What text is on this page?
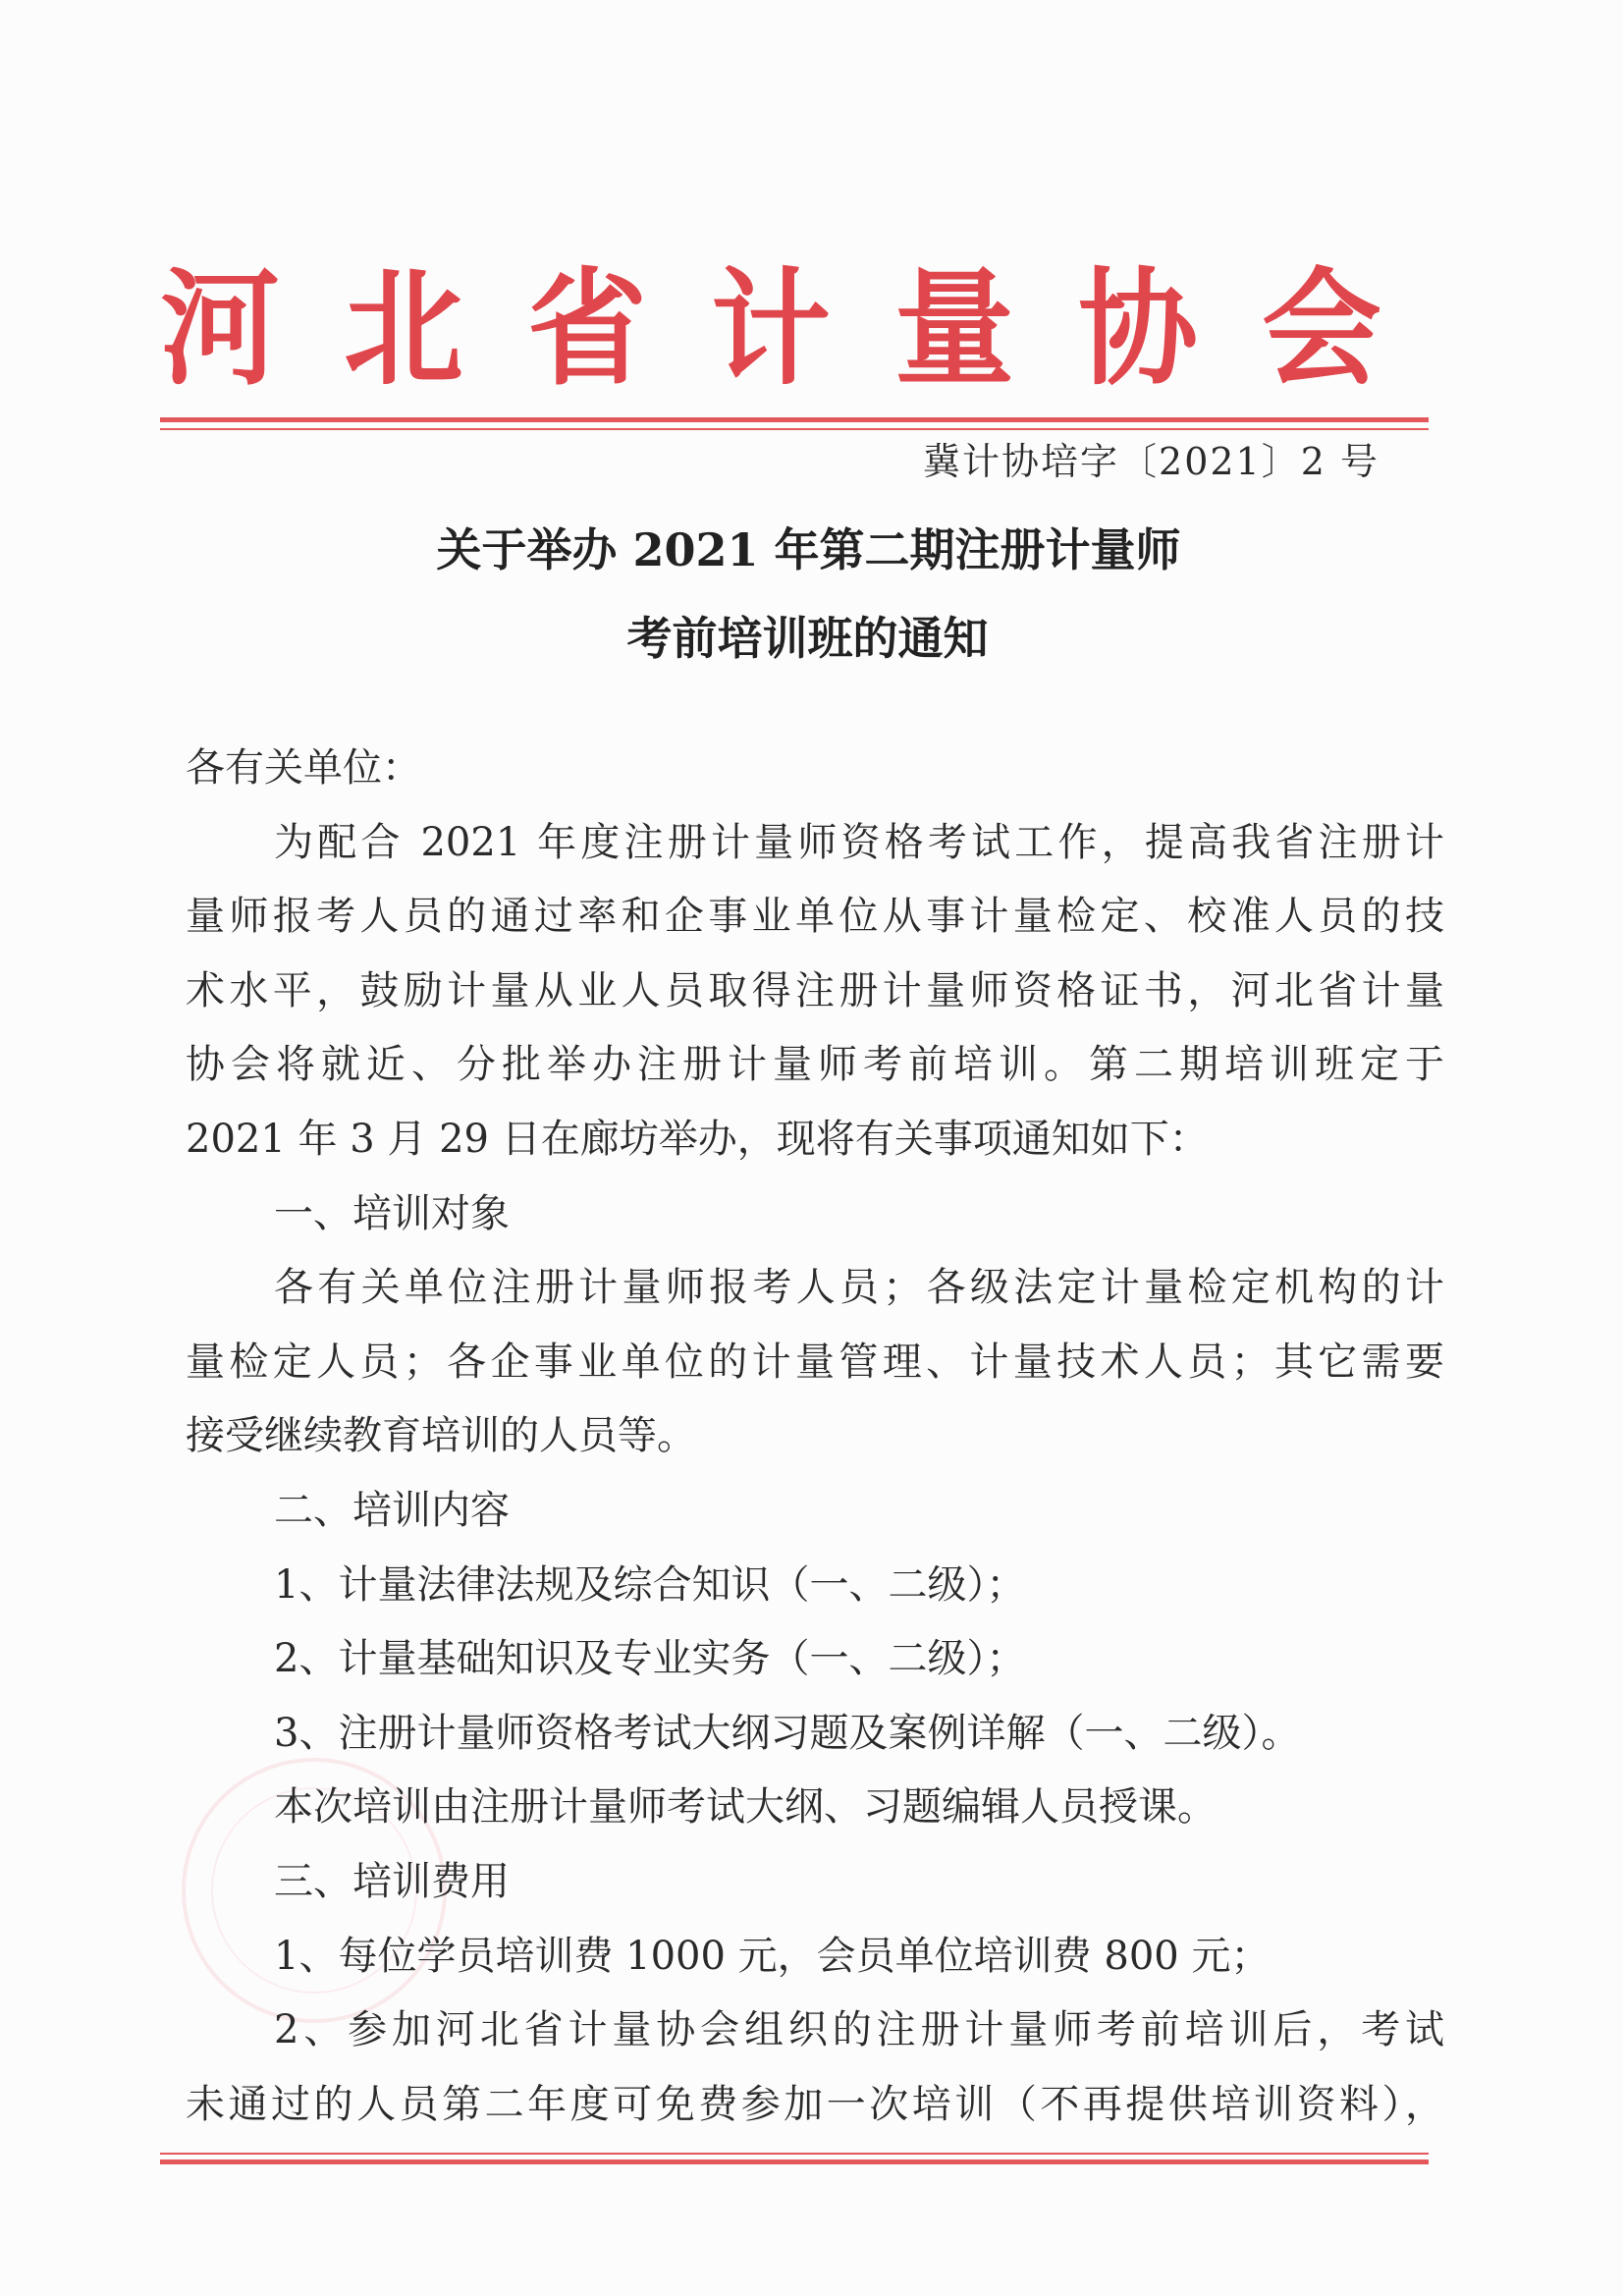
河 北 省 计 量 协 会
冀计协培字〔2021〕2 号
关于举办 2021 年第二期注册计量师
考前培训班的通知
各有关单位：
为配合 2021 年度注册计量师资格考试工作，提高我省注册计
量师报考人员的通过率和企事业单位从事计量检定、校准人员的技
术水平，鼓励计量从业人员取得注册计量师资格证书，河北省计量
协会将就近、分批举办注册计量师考前培训。第二期培训班定于
2021 年 3 月 29 日在廊坊举办，现将有关事项通知如下：
一、培训对象
各有关单位注册计量师报考人员；各级法定计量检定机构的计
量检定人员；各企事业单位的计量管理、计量技术人员；其它需要
接受继续教育培训的人员等。
二、培训内容
1、计量法律法规及综合知识（一、二级）；
2、计量基础知识及专业实务（一、二级）；
3、注册计量师资格考试大纲习题及案例详解（一、二级）。
本次培训由注册计量师考试大纲、习题编辑人员授课。
三、培训费用
1、每位学员培训费 1000 元，会员单位培训费 800 元；
2、参加河北省计量协会组织的注册计量师考前培训后，考试
未通过的人员第二年度可免费参加一次培训（不再提供培训资料），
